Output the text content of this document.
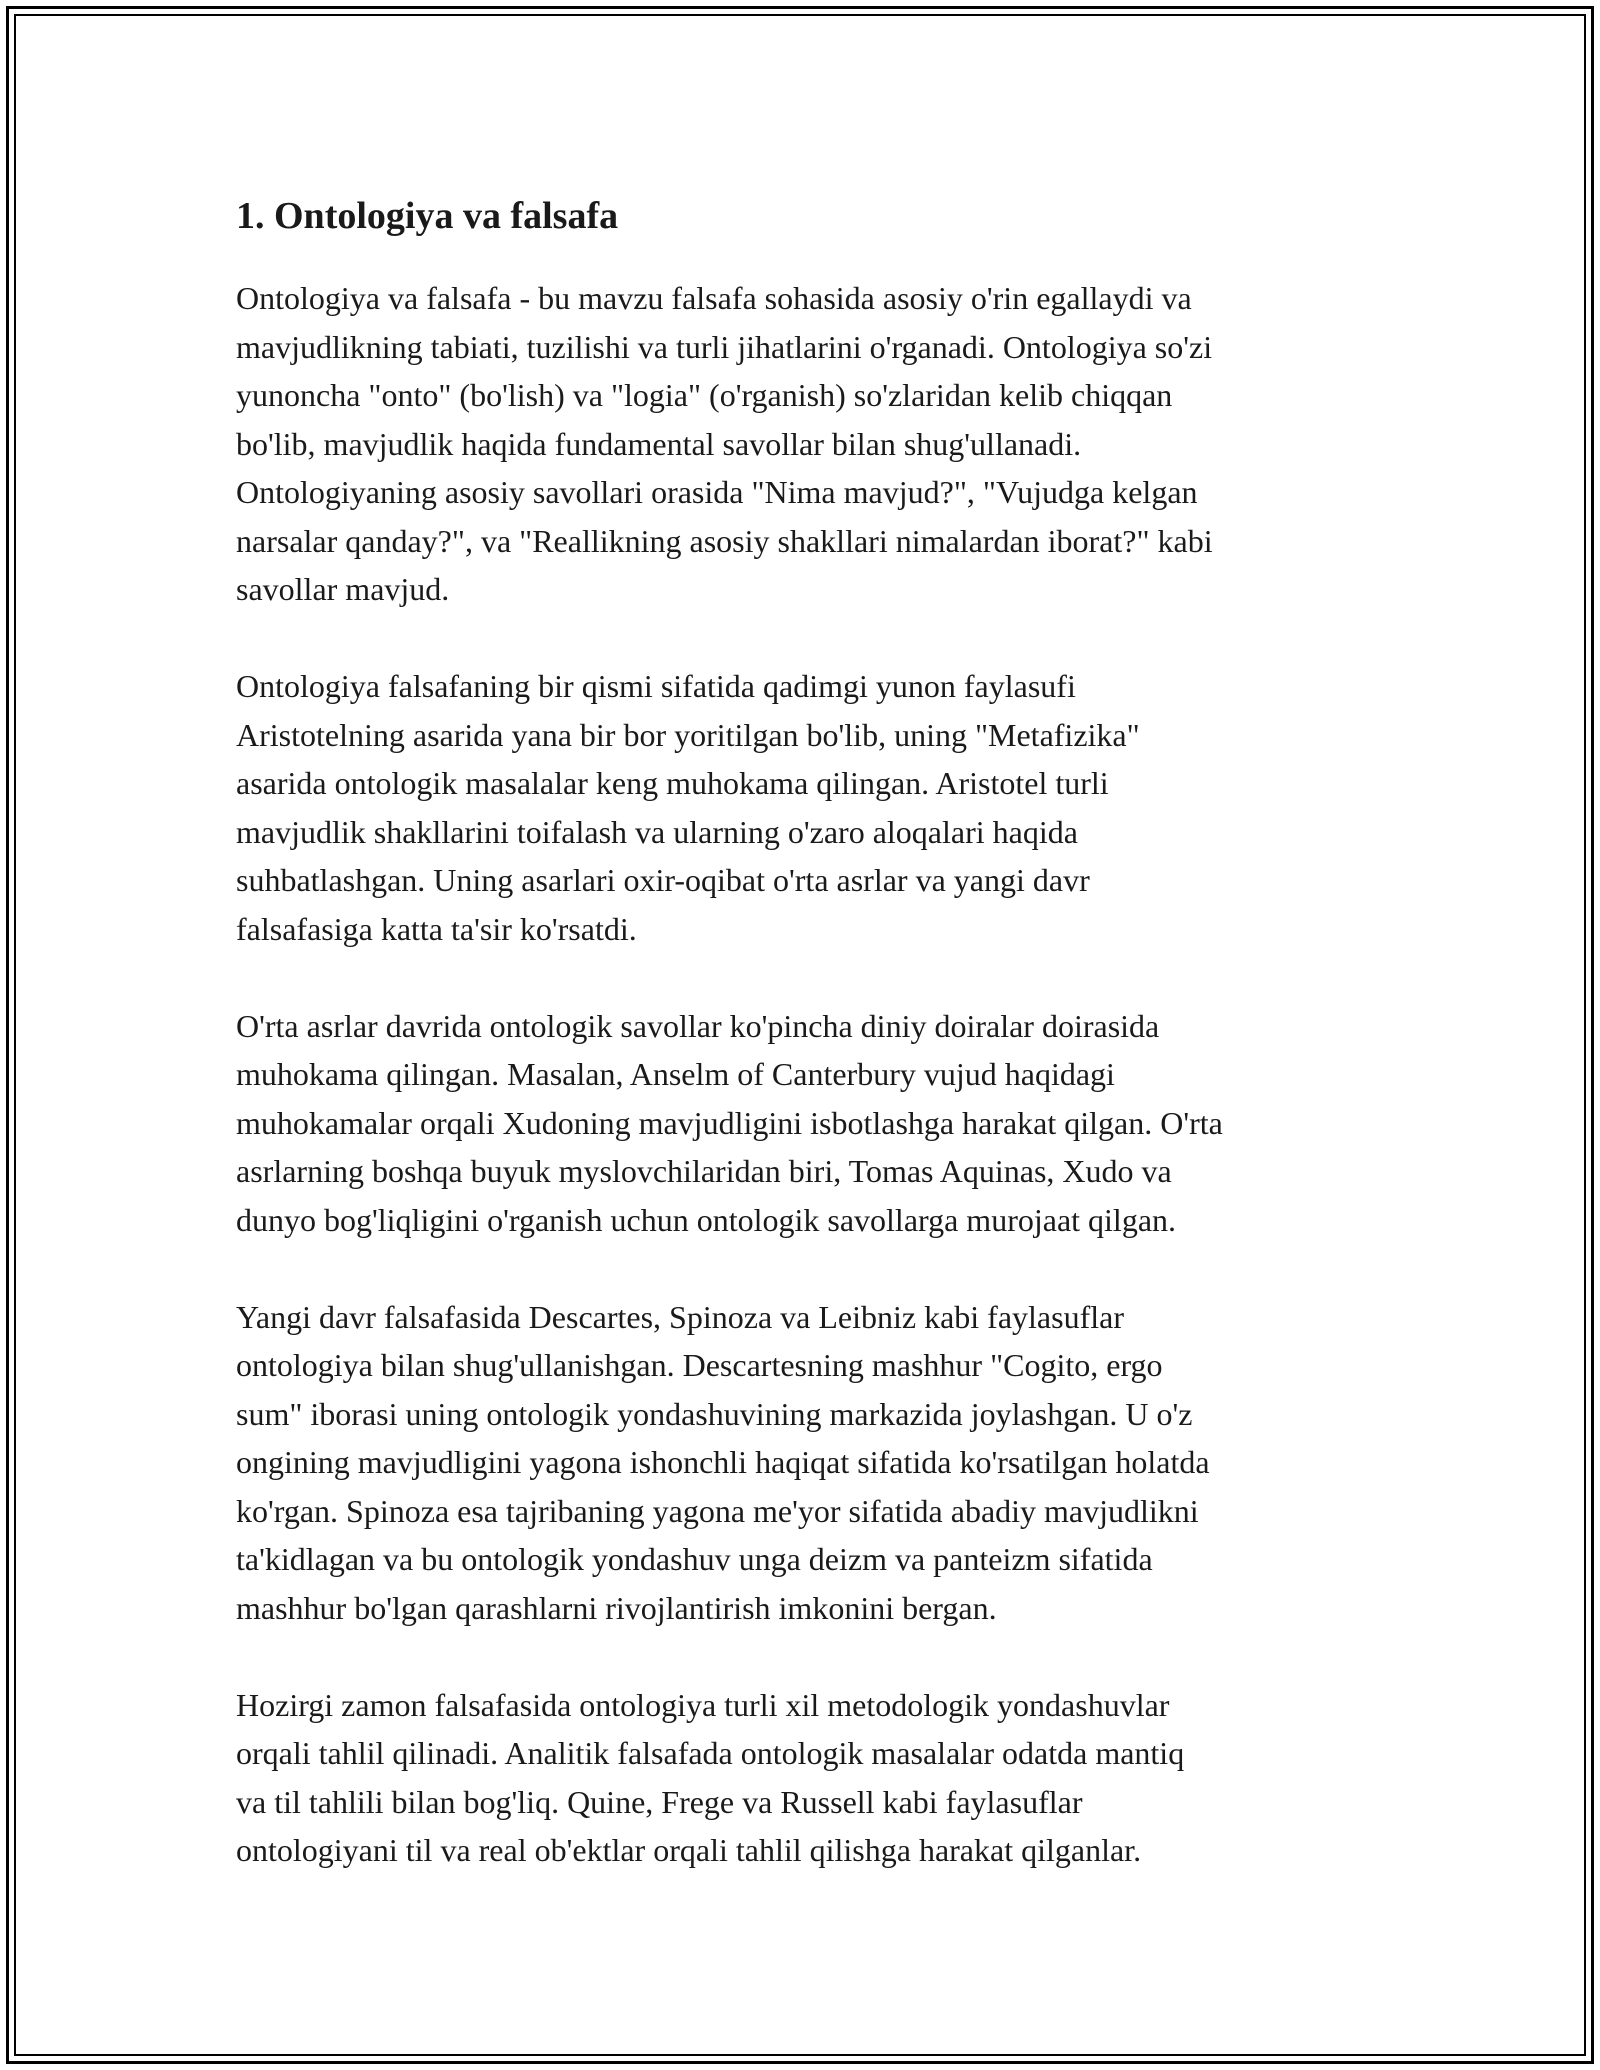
1. Ontologiya va falsafa

Ontologiya va falsafa - bu mavzu falsafa sohasida asosiy o'rin egallaydi va
mavjudlikning tabiati, tuzilishi va turli jihatlarini o'rganadi. Ontologiya so'zi
yunoncha "onto" (bo'lish) va "logia" (o'rganish) so'zlaridan kelib chiqqan
bo'lib, mavjudlik haqida fundamental savollar bilan shug'ullanadi.
Ontologiyaning asosiy savollari orasida "Nima mavjud?", "Vujudga kelgan
narsalar qanday?", va "Reallikning asosiy shakllari nimalardan iborat?" kabi
savollar mavjud.

Ontologiya falsafaning bir qismi sifatida qadimgi yunon faylasufi
Aristotelning asarida yana bir bor yoritilgan bo'lib, uning "Metafizika"
asarida ontologik masalalar keng muhokama qilingan. Aristotel turli
mavjudlik shakllarini toifalash va ularning o'zaro aloqalari haqida
suhbatlashgan. Uning asarlari oxir-oqibat o'rta asrlar va yangi davr
falsafasiga katta ta'sir ko'rsatdi.

O'rta asrlar davrida ontologik savollar ko'pincha diniy doiralar doirasida
muhokama qilingan. Masalan, Anselm of Canterbury vujud haqidagi
muhokamalar orqali Xudoning mavjudligini isbotlashga harakat qilgan. O'rta
asrlarning boshqa buyuk myslovchilaridan biri, Tomas Aquinas, Xudo va
dunyo bog'liqligini o'rganish uchun ontologik savollarga murojaat qilgan.

Yangi davr falsafasida Descartes, Spinoza va Leibniz kabi faylasuflar
ontologiya bilan shug'ullanishgan. Descartesning mashhur "Cogito, ergo
sum" iborasi uning ontologik yondashuvining markazida joylashgan. U o'z
ongining mavjudligini yagona ishonchli haqiqat sifatida ko'rsatilgan holatda
ko'rgan. Spinoza esa tajribaning yagona me'yor sifatida abadiy mavjudlikni
ta'kidlagan va bu ontologik yondashuv unga deizm va panteizm sifatida
mashhur bo'lgan qarashlarni rivojlantirish imkonini bergan.

Hozirgi zamon falsafasida ontologiya turli xil metodologik yondashuvlar
orqali tahlil qilinadi. Analitik falsafada ontologik masalalar odatda mantiq
va til tahlili bilan bog'liq. Quine, Frege va Russell kabi faylasuflar
ontologiyani til va real ob'ektlar orqali tahlil qilishga harakat qilganlar.
